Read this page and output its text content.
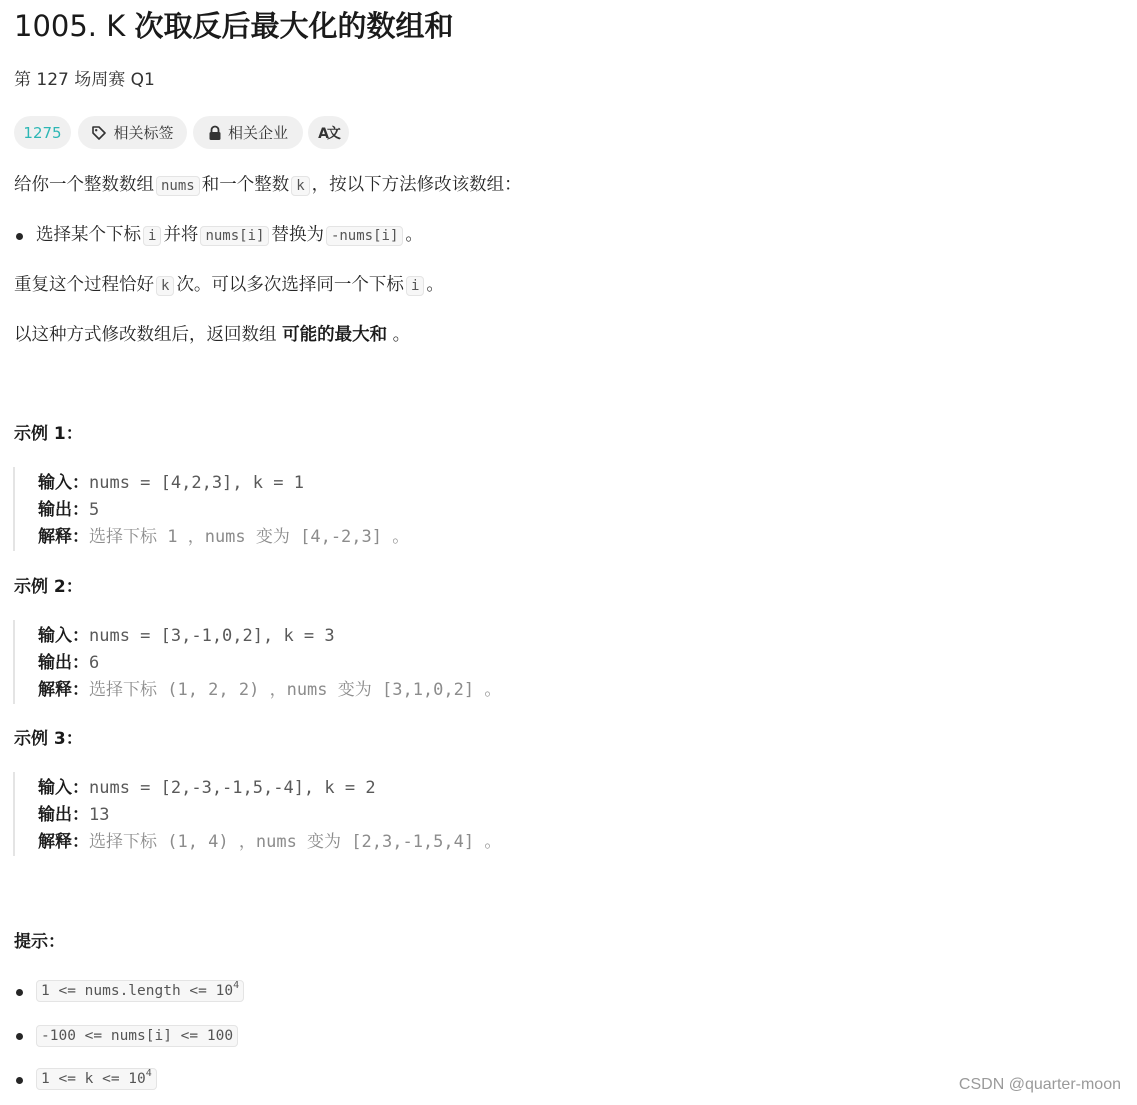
1005. K 次取反后最大化的数组和
第 127 场周赛 Q1
1275	相关标签	相关企业 A文
给你一个整数数组 nums 和一个整数 k ，按以下方法修改该数组：
选择某个下标 i 并将 nums[i] 替换为 -nums[i] 。
重复这个过程恰好 k 次。可以多次选择同一个下标 i 。
以这种方式修改数组后，返回数组 可能的最大和 。
示例 1：
输入：nums = [4,2,3], k = 1
输出：5
解释：选择下标 1 ，nums 变为 [4,-2,3] 。
示例 2：
输入：nums = [3,-1,0,2], k = 3
输出：6
解释：选择下标 (1, 2, 2) ，nums 变为 [3,1,0,2] 。
示例 3：
输入：nums = [2,-3,-1,5,-4], k = 2
输出：13
解释：选择下标 (1, 4) ，nums 变为 [2,3,-1,5,4] 。
提示：
1 <= nums.length <= $10^4$
-100 <= nums[i] <= 100
$1 <= k <= 10^4$
CSDN @quarter-moon
